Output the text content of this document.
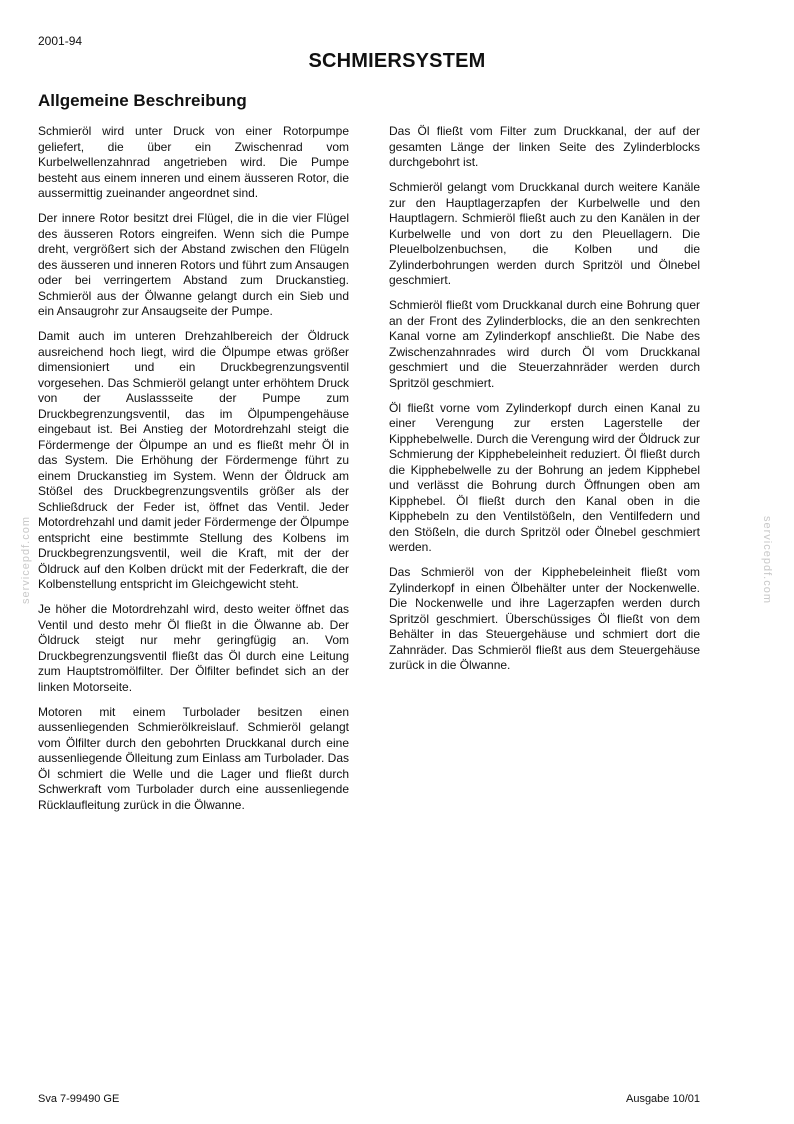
2001-94
SCHMIERSYSTEM
Allgemeine Beschreibung

Schmieröl wird unter Druck von einer Rotorpumpe geliefert, die über ein Zwischenrad vom Kurbelwellenzahnrad angetrieben wird. Die Pumpe besteht aus einem inneren und einem äusseren Rotor, die aussermittig zueinander angeordnet sind.

Der innere Rotor besitzt drei Flügel, die in die vier Flügel des äusseren Rotors eingreifen. Wenn sich die Pumpe dreht, vergrößert sich der Abstand zwischen den Flügeln des äusseren und inneren Rotors und führt zum Ansaugen oder bei verringertem Abstand zum Druckanstieg. Schmieröl aus der Ölwanne gelangt durch ein Sieb und ein Ansaugrohr zur Ansaugseite der Pumpe.

Damit auch im unteren Drehzahlbereich der Öldruck ausreichend hoch liegt, wird die Ölpumpe etwas größer dimensioniert und ein Druckbegrenzungsventil vorgesehen. Das Schmieröl gelangt unter erhöhtem Druck von der Auslassseite der Pumpe zum Druckbegrenzungsventil, das im Ölpumpengehäuse eingebaut ist. Bei Anstieg der Motordrehzahl steigt die Fördermenge der Ölpumpe an und es fließt mehr Öl in das System. Die Erhöhung der Fördermenge führt zu einem Druckanstieg im System. Wenn der Öldruck am Stößel des Druckbegrenzungsventils größer als der Schließdruck der Feder ist, öffnet das Ventil. Jeder Motordrehzahl und damit jeder Fördermenge der Ölpumpe entspricht eine bestimmte Stellung des Kolbens im Druckbegrenzungsventil, weil die Kraft, mit der der Öldruck auf den Kolben drückt mit der Federkraft, die der Kolbenstellung entspricht im Gleichgewicht steht.

Je höher die Motordrehzahl wird, desto weiter öffnet das Ventil und desto mehr Öl fließt in die Ölwanne ab. Der Öldruck steigt nur mehr geringfügig an. Vom Druckbegrenzungsventil fließt das Öl durch eine Leitung zum Hauptstromölfilter. Der Ölfilter befindet sich an der linken Motorseite.

Motoren mit einem Turbolader besitzen einen aussenliegenden Schmierölkreislauf. Schmieröl gelangt vom Ölfilter durch den gebohrten Druckkanal durch eine aussenliegende Ölleitung zum Einlass am Turbolader. Das Öl schmiert die Welle und die Lager und fließt durch Schwerkraft vom Turbolader durch eine aussenliegende Rücklaufleitung zurück in die Ölwanne.

Das Öl fließt vom Filter zum Druckkanal, der auf der gesamten Länge der linken Seite des Zylinderblocks durchgebohrt ist.

Schmieröl gelangt vom Druckkanal durch weitere Kanäle zur den Hauptlagerzapfen der Kurbelwelle und den Hauptlagern. Schmieröl fließt auch zu den Kanälen in der Kurbelwelle und von dort zu den Pleuellagern. Die Pleuelbolzenbuchsen, die Kolben und die Zylinderbohrungen werden durch Spritzöl und Ölnebel geschmiert.

Schmieröl fließt vom Druckkanal durch eine Bohrung quer an der Front des Zylinderblocks, die an den senkrechten Kanal vorne am Zylinderkopf anschließt. Die Nabe des Zwischenzahnrades wird durch Öl vom Druckkanal geschmiert und die Steuerzahnräder werden durch Spritzöl geschmiert.

Öl fließt vorne vom Zylinderkopf durch einen Kanal zu einer Verengung zur ersten Lagerstelle der Kipphebelwelle. Durch die Verengung wird der Öldruck zur Schmierung der Kipphebeleinheit reduziert. Öl fließt durch die Kipphebelwelle zu der Bohrung an jedem Kipphebel und verlässt die Bohrung durch Öffnungen oben am Kipphebel. Öl fließt durch den Kanal oben in die Kipphebeln zu den Ventilstößeln, den Ventilfedern und den Stößeln, die durch Spritzöl oder Ölnebel geschmiert werden.

Das Schmieröl von der Kipphebeleinheit fließt vom Zylinderkopf in einen Ölbehälter unter der Nockenwelle. Die Nockenwelle und ihre Lagerzapfen werden durch Spritzöl geschmiert. Überschüssiges Öl fließt von dem Behälter in das Steuergehäuse und schmiert dort die Zahnräder. Das Schmieröl fließt aus dem Steuergehäuse zurück in die Ölwanne.

servicepdf.com	servicepdf.com
Sva 7-99490 GE	Ausgabe 10/01
